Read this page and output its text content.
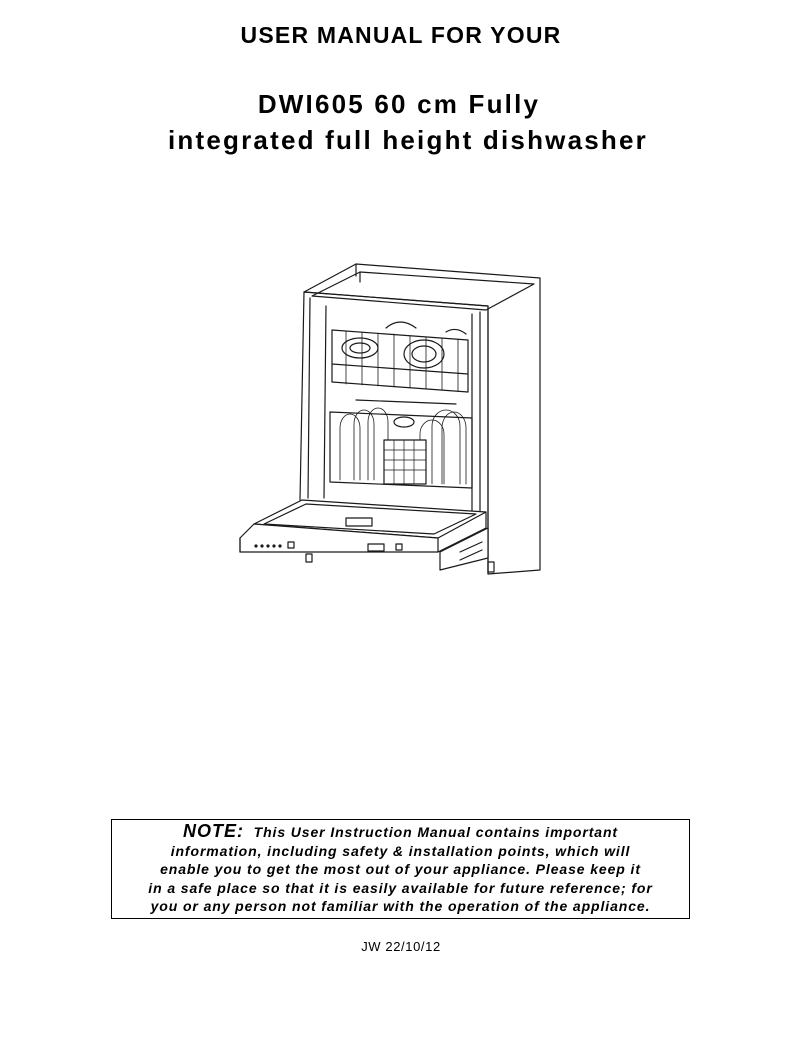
USER MANUAL FOR YOUR
DWI605 60 cm Fully
integrated full height dishwasher
NOTE: This User Instruction Manual contains important
information, including safety & installation points, which will
enable you to get the most out of your appliance. Please keep it
in a safe place so that it is easily available for future reference; for
you or any person not familiar with the operation of the appliance.
JW 22/10/12
